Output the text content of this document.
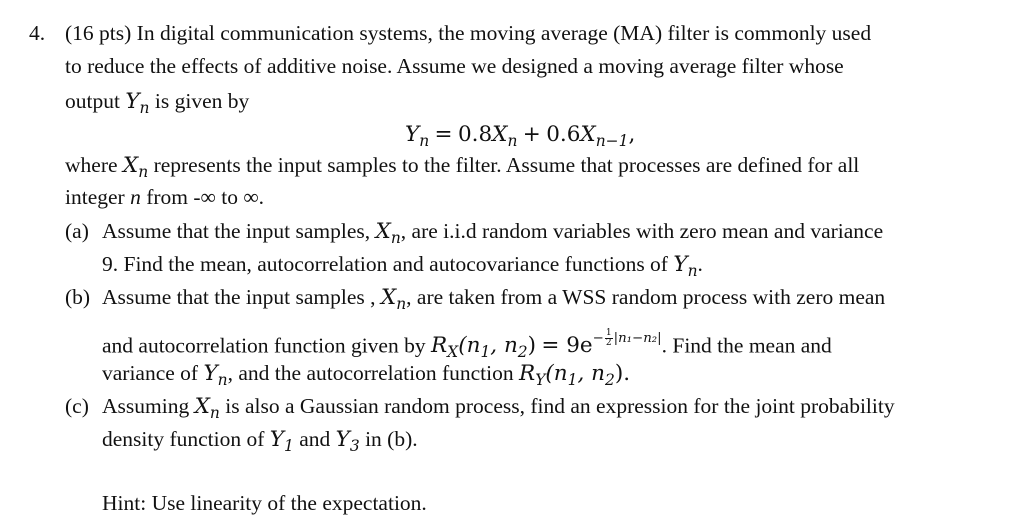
4. (16 pts) In digital communication systems, the moving average (MA) filter is commonly used
to reduce the effects of additive noise. Assume we designed a moving average filter whose
output $Y_n$ is given by
$Y_n = 0.8X_n + 0.6X_{n-1}$,
where $X_n$ represents the input samples to the filter. Assume that processes are defined for all
integer n from -∞ to ∞.
(a) Assume that the input samples, $X_n$, are i.i.d random variables with zero mean and variance
9. Find the mean, autocorrelation and autocovariance functions of $Y_n$.
(b) Assume that the input samples , $X_n$, are taken from a WSS random process with zero mean
and autocorrelation function given by $R_X(n_1$, $n_2) = 9e^{- \frac{1}{2} |n_1-n_2|}$. Find the mean and
variance of $Y_n$, and the autocorrelation function $R_Y(n_1$, $n_2$).
(c) Assuming $X_n$ is also a Gaussian random process, find an expression for the joint probability
density function of $Y_1$ and $Y_3$ in (b).
Hint: Use linearity of the expectation.
